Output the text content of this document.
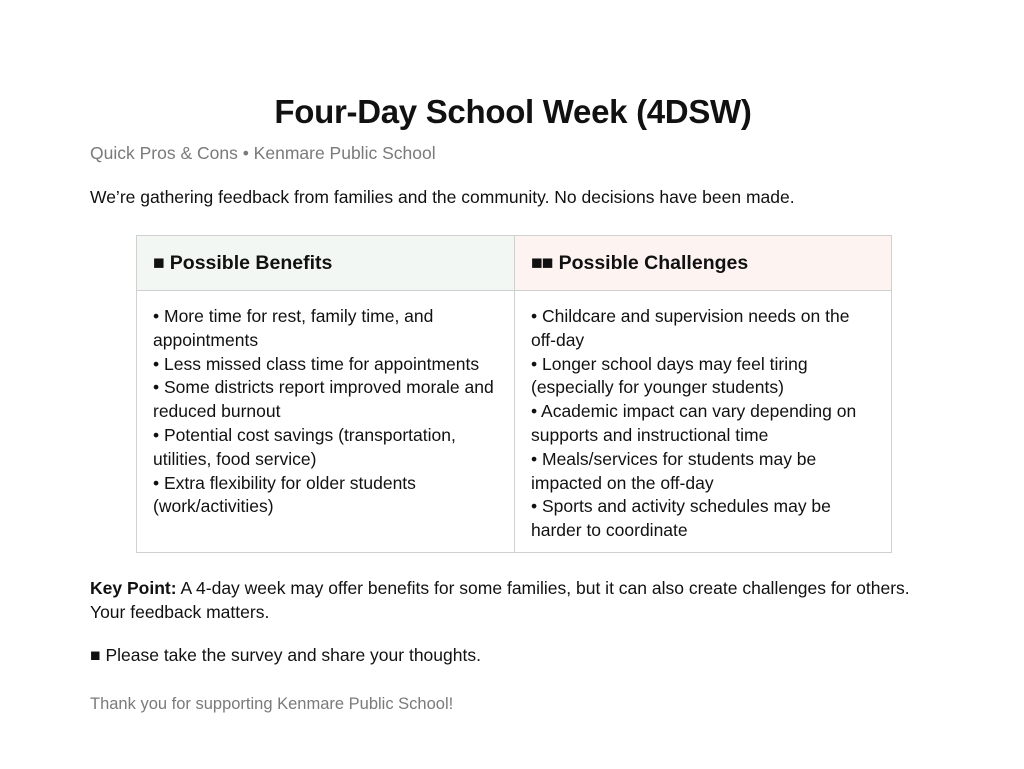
Four-Day School Week (4DSW)

Quick Pros & Cons • Kenmare Public School

We’re gathering feedback from families and the community. No decisions have been made.

■ Possible Benefits	■■ Possible Challenges
• More time for rest, family time, and appointments
• Less missed class time for appointments
• Some districts report improved morale and reduced burnout
• Potential cost savings (transportation, utilities, food service)
• Extra flexibility for older students (work/activities)
• Childcare and supervision needs on the off-day
• Longer school days may feel tiring (especially for younger students)
• Academic impact can vary depending on supports and instructional time
• Meals/services for students may be impacted on the off-day
• Sports and activity schedules may be harder to coordinate

Key Point: A 4-day week may offer benefits for some families, but it can also create challenges for others. Your feedback matters.

■ Please take the survey and share your thoughts.

Thank you for supporting Kenmare Public School!
